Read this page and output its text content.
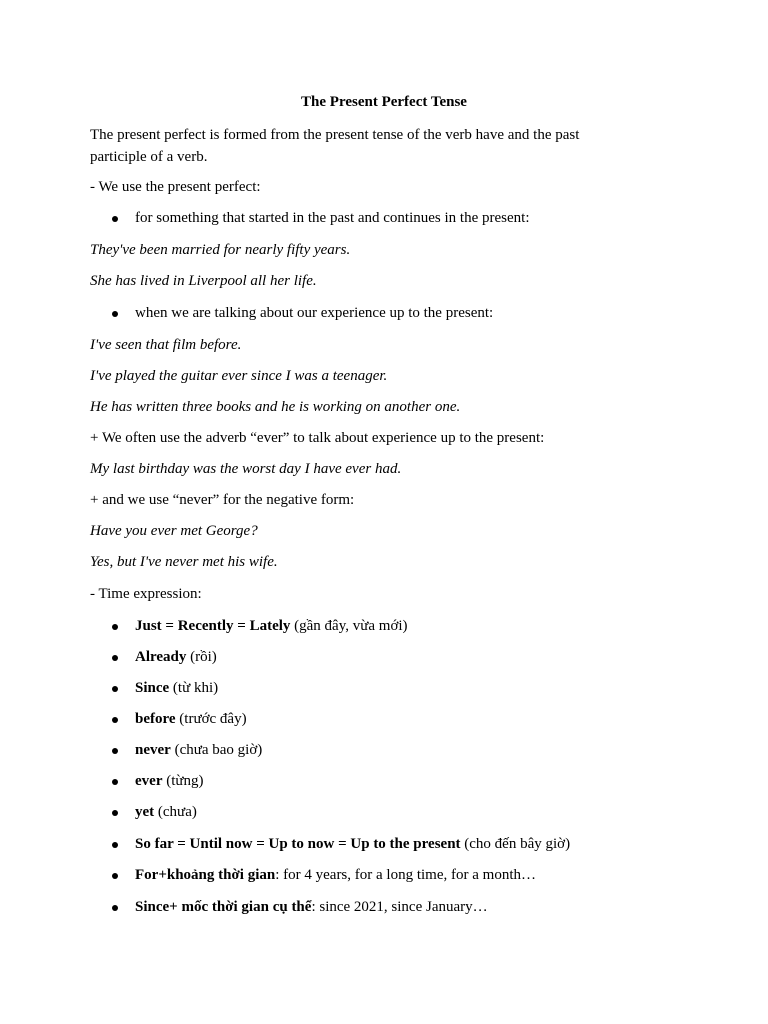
The Present Perfect Tense
The present perfect is formed from the present tense of the verb have and the past participle of a verb.
- We use the present perfect:
for something that started in the past and continues in the present:
They've been married for nearly fifty years.
She has lived in Liverpool all her life.
when we are talking about our experience up to the present:
I've seen that film before.
I've played the guitar ever since I was a teenager.
He has written three books and he is working on another one.
+ We often use the adverb “ever” to talk about experience up to the present:
My last birthday was the worst day I have ever had.
+ and we use “never” for the negative form:
Have you ever met George?
Yes, but I've never met his wife.
- Time expression:
Just = Recently = Lately (gần đây, vừa mới)
Already (rồi)
Since (từ khi)
before (trước đây)
never (chưa bao giờ)
ever (từng)
yet (chưa)
So far = Until now = Up to now = Up to the present (cho đến bây giờ)
For+khoảng thời gian: for 4 years, for a long time, for a month…
Since+ mốc thời gian cụ thể: since 2021, since January…
